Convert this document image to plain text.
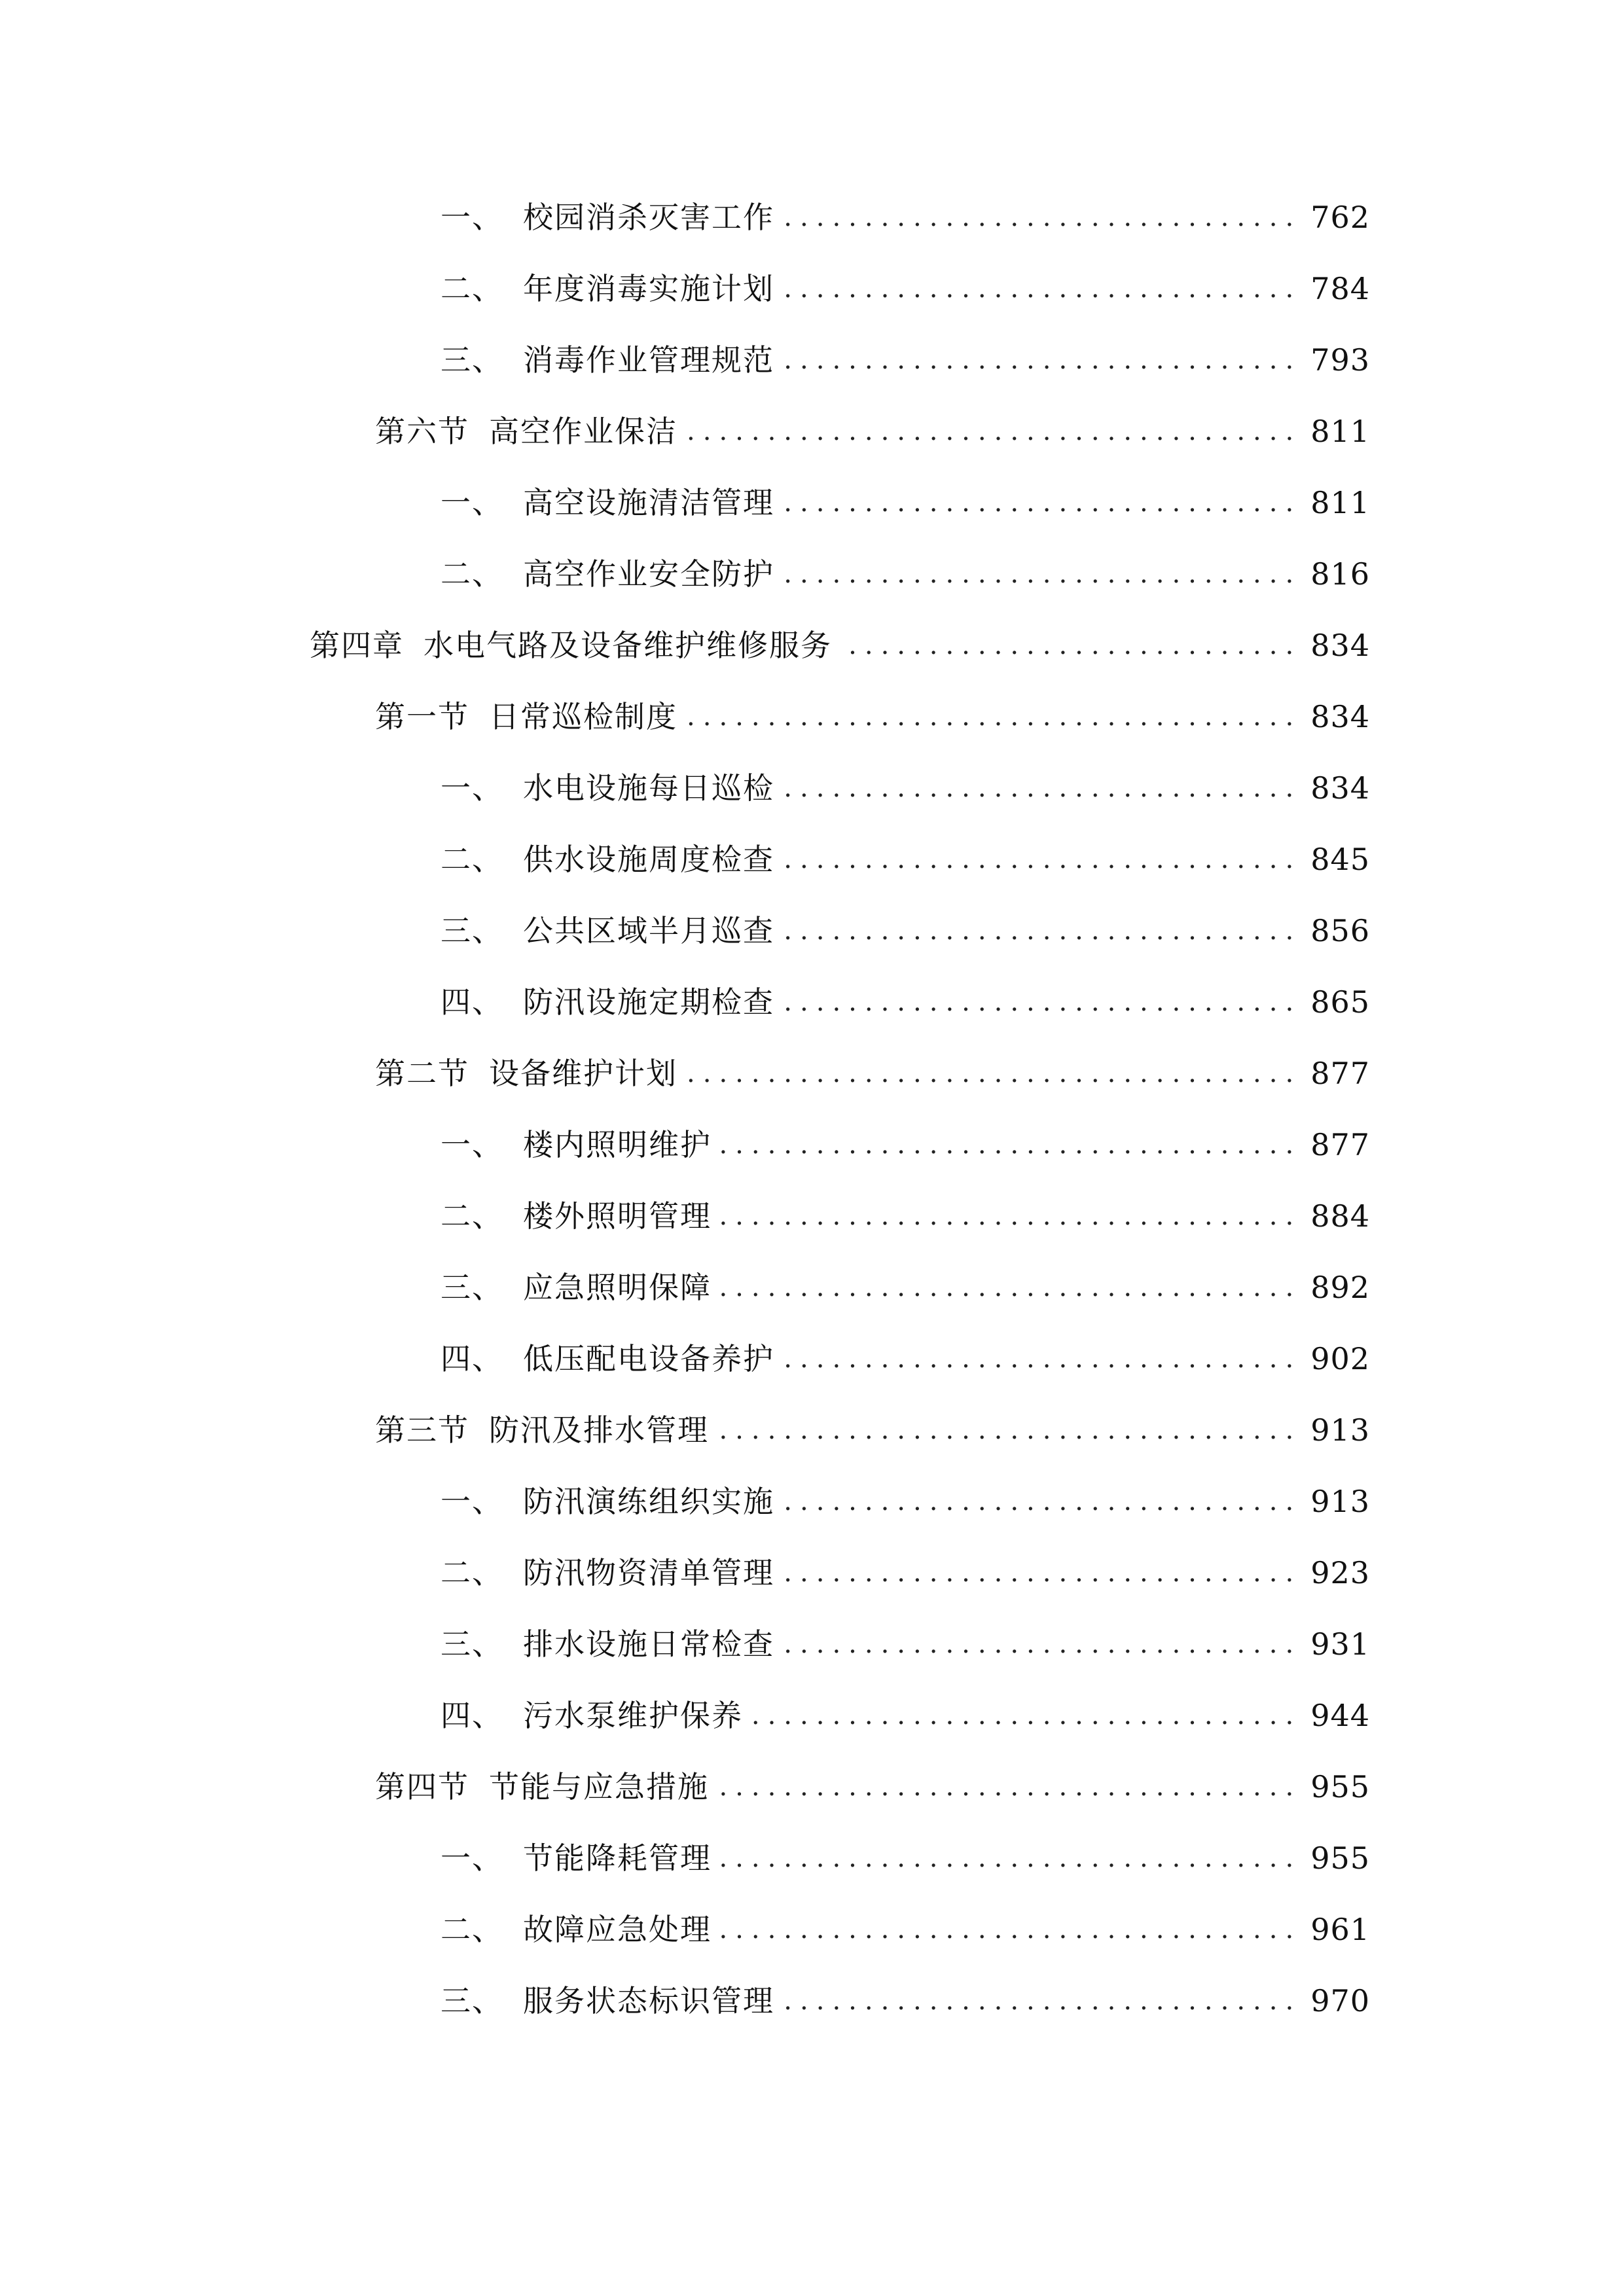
一、 校园消杀灭害工作 .....	762
二、 年度消毒实施计划 .....	784
三、 消毒作业管理规范 .....	793
第六节 高空作业保洁 .....	811
一、 高空设施清洁管理 .....	811
二、 高空作业安全防护 .....	816
第四章 水电气路及设备维护维修服务 .....	834
第一节 日常巡检制度 .....	834
一、 水电设施每日巡检 .....	834
二、 供水设施周度检查 .....	845
三、 公共区域半月巡查 .....	856
四、 防汛设施定期检查 .....	865
第二节 设备维护计划 .....	877
一、 楼内照明维护 .....	877
二、 楼外照明管理 .....	884
三、 应急照明保障 .....	892
四、 低压配电设备养护 .....	902
第三节 防汛及排水管理 .....	913
一、 防汛演练组织实施 .....	913
二、 防汛物资清单管理 .....	923
三、 排水设施日常检查 .....	931
四、 污水泵维护保养 .....	944
第四节 节能与应急措施 .....	955
一、 节能降耗管理 .....	955
二、 故障应急处理 .....	961
三、 服务状态标识管理 .....	970
